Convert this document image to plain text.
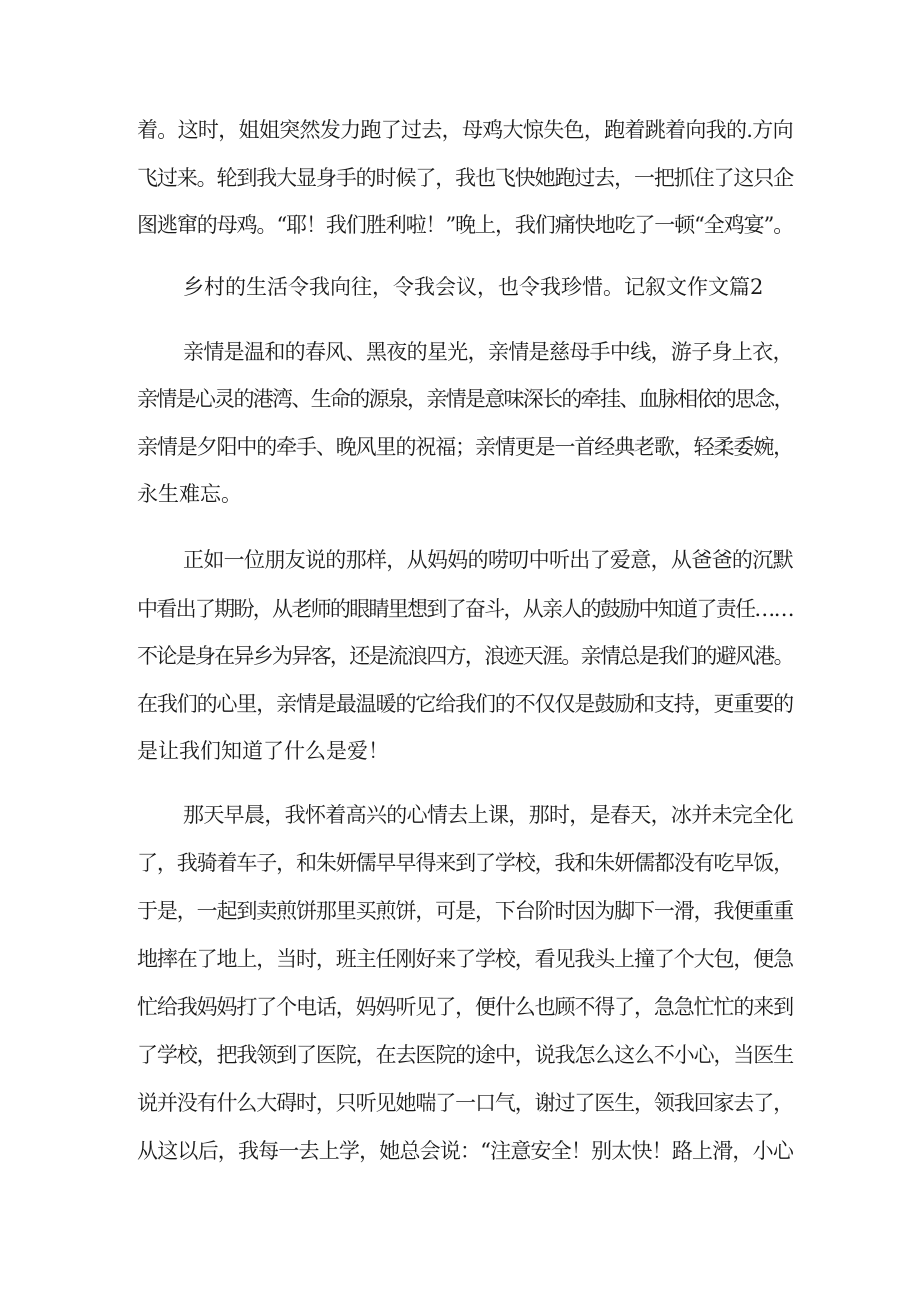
着。这时，姐姐突然发力跑了过去，母鸡大惊失色，跑着跳着向我的.方向
飞过来。轮到我大显身手的时候了，我也飞快她跑过去，一把抓住了这只企
图逃窜的母鸡。“耶！我们胜利啦！”晚上，我们痛快地吃了一顿“全鸡宴”。
乡村的生活令我向往，令我会议，也令我珍惜。记叙文作文篇2
亲情是温和的春风、黑夜的星光，亲情是慈母手中线，游子身上衣，
亲情是心灵的港湾、生命的源泉，亲情是意味深长的牵挂、血脉相依的思念，
亲情是夕阳中的牵手、晚风里的祝福；亲情更是一首经典老歌，轻柔委婉，
永生难忘。
正如一位朋友说的那样，从妈妈的唠叨中听出了爱意，从爸爸的沉默
中看出了期盼，从老师的眼睛里想到了奋斗，从亲人的鼓励中知道了责任……
不论是身在异乡为异客，还是流浪四方，浪迹天涯。亲情总是我们的避风港。
在我们的心里，亲情是最温暖的它给我们的不仅仅是鼓励和支持，更重要的
是让我们知道了什么是爱！
那天早晨，我怀着高兴的心情去上课，那时，是春天，冰并未完全化
了，我骑着车子，和朱妍儒早早得来到了学校，我和朱妍儒都没有吃早饭，
于是，一起到卖煎饼那里买煎饼，可是，下台阶时因为脚下一滑，我便重重
地摔在了地上，当时，班主任刚好来了学校，看见我头上撞了个大包，便急
忙给我妈妈打了个电话，妈妈听见了，便什么也顾不得了，急急忙忙的来到
了学校，把我领到了医院，在去医院的途中，说我怎么这么不小心，当医生
说并没有什么大碍时，只听见她喘了一口气，谢过了医生，领我回家去了，
从这以后，我每一去上学，她总会说：“注意安全！别太快！路上滑，小心
